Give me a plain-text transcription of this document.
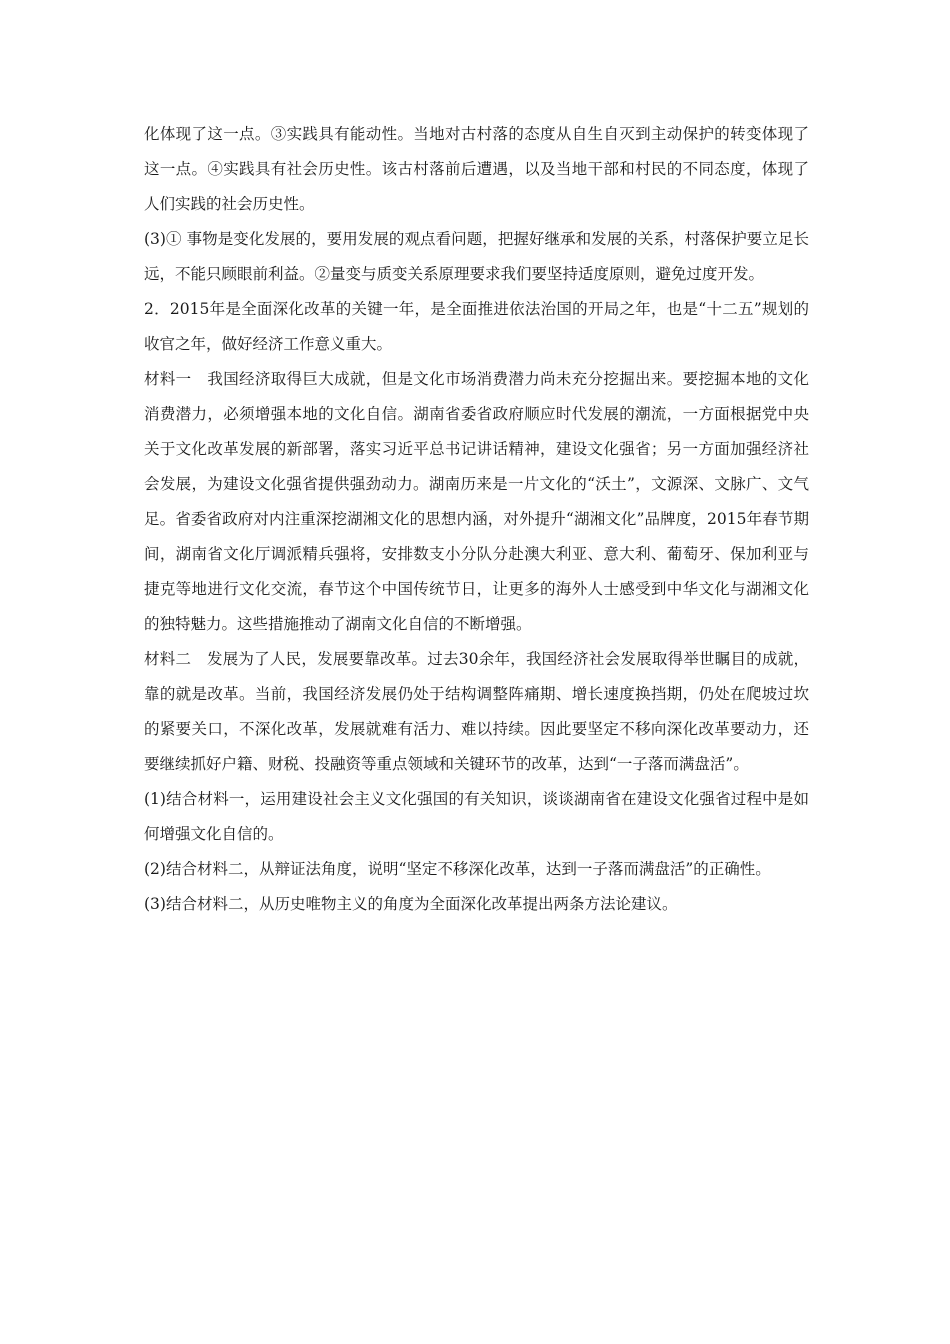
化体现了这一点。③实践具有能动性。当地对古村落的态度从自生自灭到主动保护的转变体现了这一点。④实践具有社会历史性。该古村落前后遭遇，以及当地干部和村民的不同态度，体现了人们实践的社会历史性。

(3)① 事物是变化发展的，要用发展的观点看问题，把握好继承和发展的关系，村落保护要立足长远，不能只顾眼前利益。②量变与质变关系原理要求我们要坚持适度原则，避免过度开发。

2．2015年是全面深化改革的关键一年，是全面推进依法治国的开局之年，也是“十二五”规划的收官之年，做好经济工作意义重大。

材料一　我国经济取得巨大成就，但是文化市场消费潜力尚未充分挖掘出来。要挖掘本地的文化消费潜力，必须增强本地的文化自信。湖南省委省政府顺应时代发展的潮流，一方面根据党中央关于文化改革发展的新部署，落实习近平总书记讲话精神，建设文化强省；另一方面加强经济社会发展，为建设文化强省提供强劲动力。湖南历来是一片文化的“沃土”，文源深、文脉广、文气足。省委省政府对内注重深挖湖湘文化的思想内涵，对外提升“湖湘文化”品牌度，2015年春节期间，湖南省文化厅调派精兵强将，安排数支小分队分赴澳大利亚、意大利、葡萄牙、保加利亚与捷克等地进行文化交流，春节这个中国传统节日，让更多的海外人士感受到中华文化与湖湘文化的独特魅力。这些措施推动了湖南文化自信的不断增强。

材料二　发展为了人民，发展要靠改革。过去30余年，我国经济社会发展取得举世瞩目的成就，靠的就是改革。当前，我国经济发展仍处于结构调整阵痛期、增长速度换挡期，仍处在爬坡过坎的紧要关口，不深化改革，发展就难有活力、难以持续。因此要坚定不移向深化改革要动力，还要继续抓好户籍、财税、投融资等重点领域和关键环节的改革，达到“一子落而满盘活”。

(1)结合材料一，运用建设社会主义文化强国的有关知识，谈谈湖南省在建设文化强省过程中是如何增强文化自信的。

(2)结合材料二，从辩证法角度，说明“坚定不移深化改革，达到一子落而满盘活”的正确性。

(3)结合材料二，从历史唯物主义的角度为全面深化改革提出两条方法论建议。
